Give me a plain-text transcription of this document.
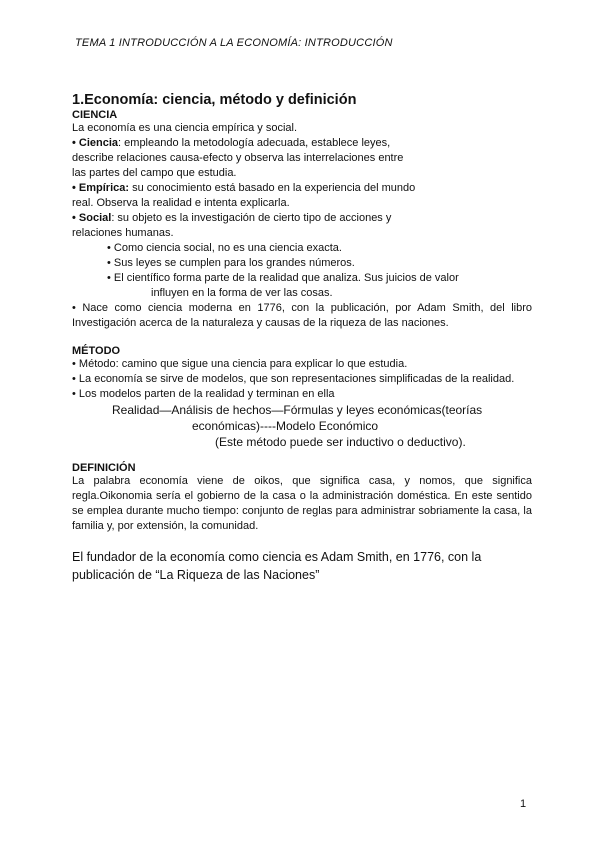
TEMA 1 INTRODUCCIÓN A LA ECONOMÍA: INTRODUCCIÓN
1.Economía: ciencia, método y definición
CIENCIA
La economía es una ciencia empírica y social.
• Ciencia: empleando la metodología adecuada, establece leyes,
describe relaciones causa-efecto y observa las interrelaciones entre
las partes del campo que estudia.
• Empírica: su conocimiento está basado en la experiencia del mundo
real. Observa la realidad e intenta explicarla.
• Social: su objeto es la investigación de cierto tipo de acciones y
relaciones humanas.
• Como ciencia social, no es una ciencia exacta.
• Sus leyes se cumplen para los grandes números.
• El científico forma parte de la realidad que analiza. Sus juicios de valor
influyen en la forma de ver las cosas.
• Nace como ciencia moderna en 1776, con la publicación, por Adam Smith, del libro Investigación acerca de la naturaleza y causas de la riqueza de las naciones.
MÉTODO
• Método: camino que sigue una ciencia para explicar lo que estudia.
• La economía se sirve de modelos, que son representaciones simplificadas de la realidad.
• Los modelos parten de la realidad y terminan en ella
Realidad—Análisis de hechos—Fórmulas y leyes económicas(teorías
económicas)----Modelo Económico
(Este método puede ser inductivo o deductivo).
DEFINICIÓN
La palabra economía viene de oikos, que significa casa, y nomos, que significa regla.Oikonomia sería el gobierno de la casa o la administración doméstica. En este sentido se emplea durante mucho tiempo: conjunto de reglas para administrar sobriamente la casa, la familia y, por extensión, la comunidad.
El fundador de la economía como ciencia es Adam Smith, en 1776, con la
publicación de “La Riqueza de las Naciones”
1
